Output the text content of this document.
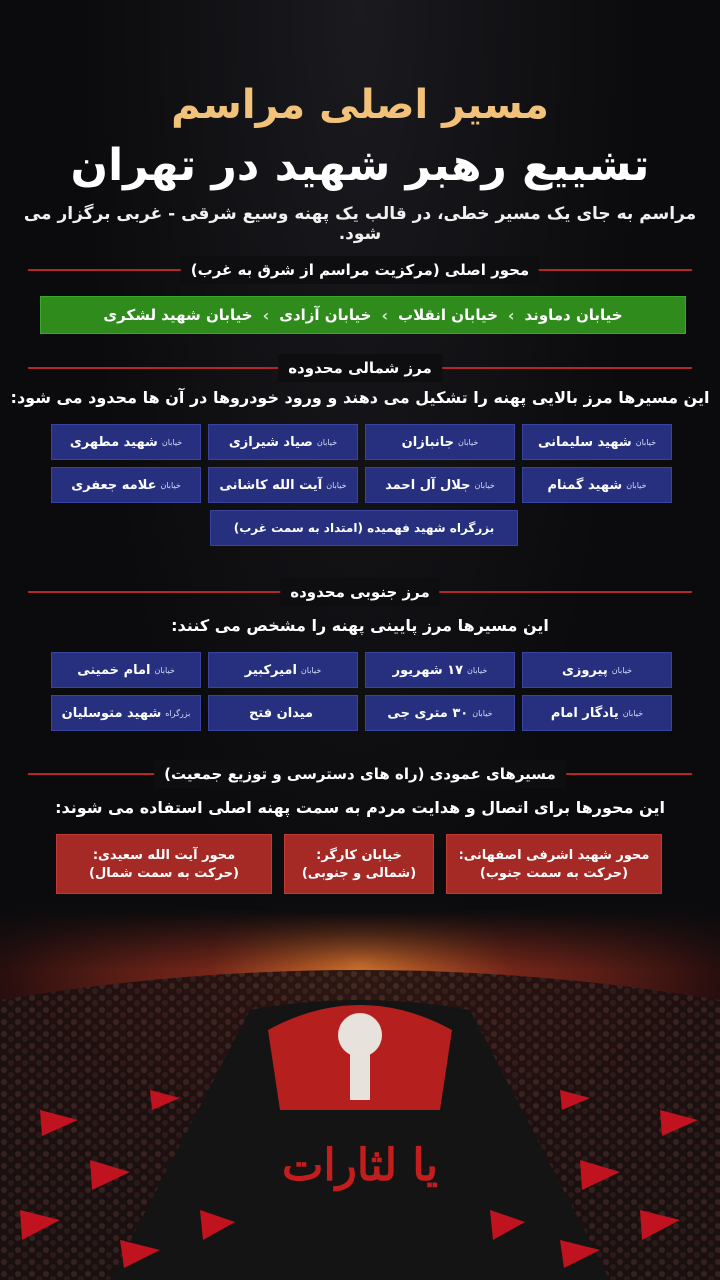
مسیر اصلی مراسم
تشییع رهبر شهید در تهران
مراسم به جای یک مسیر خطی، در قالب یک پهنه وسیع شرقی - غربی برگزار می شود.
محور اصلی (مرکزیت مراسم از شرق به غرب)
خیابان دماوند
‹
خیابان انقلاب
‹
خیابان آزادی
‹
خیابان شهید لشکری
مرز شمالی محدوده
این مسیرها مرز بالایی پهنه را تشکیل می دهند و ورود خودروها در آن ها محدود می شود:
خیابان
شهید سلیمانی
خیابان
جانبازان
خیابان
صیاد شیرازی
خیابان
شهید مطهری
خیابان
شهید گمنام
خیابان
جلال آل احمد
خیابان
آیت الله کاشانی
خیابان
علامه جعفری
بزرگراه شهید فهمیده (امتداد به سمت غرب)
مرز جنوبی محدوده
این مسیرها مرز پایینی پهنه را مشخص می کنند:
خیابان
پیروزی
خیابان
۱۷ شهریور
خیابان
امیرکبیر
خیابان
امام خمینی
خیابان
یادگار امام
خیابان
۳۰ متری جی
میدان فتح
بزرگراه
شهید متوسلیان
مسیرهای عمودی (راه های دسترسی و توزیع جمعیت)
این محورها برای اتصال و هدایت مردم به سمت پهنه اصلی استفاده می شوند:
محور شهید اشرفی اصفهانی:
(حرکت به سمت جنوب)
خیابان کارگر:
(شمالی و جنوبی)
محور آیت الله سعیدی:
(حرکت به سمت شمال)
یا لثارات
